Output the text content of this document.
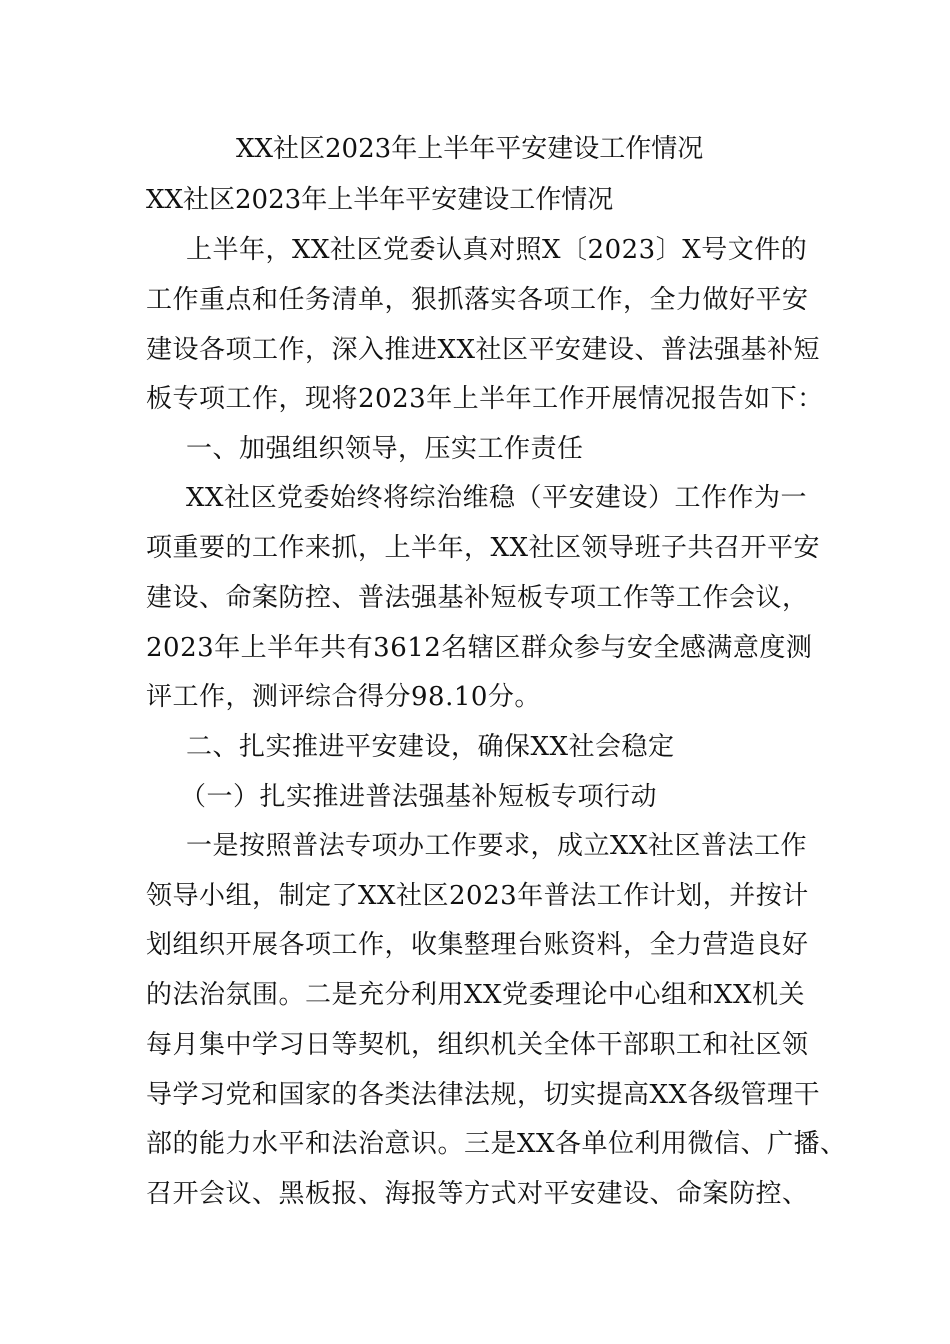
XX社区2023年上半年平安建设工作情况
XX社区2023年上半年平安建设工作情况
上半年，XX社区党委认真对照X〔2023〕X号文件的
工作重点和任务清单，狠抓落实各项工作，全力做好平安
建设各项工作，深入推进XX社区平安建设、普法强基补短
板专项工作，现将2023年上半年工作开展情况报告如下：
一、加强组织领导，压实工作责任
XX社区党委始终将综治维稳（平安建设）工作作为一
项重要的工作来抓，上半年，XX社区领导班子共召开平安
建设、命案防控、普法强基补短板专项工作等工作会议，
2023年上半年共有3612名辖区群众参与安全感满意度测
评工作，测评综合得分98.10分。
二、扎实推进平安建设，确保XX社会稳定
（一）扎实推进普法强基补短板专项行动
一是按照普法专项办工作要求，成立XX社区普法工作
领导小组，制定了XX社区2023年普法工作计划，并按计
划组织开展各项工作，收集整理台账资料，全力营造良好
的法治氛围。二是充分利用XX党委理论中心组和XX机关
每月集中学习日等契机，组织机关全体干部职工和社区领
导学习党和国家的各类法律法规，切实提高XX各级管理干
部的能力水平和法治意识。三是XX各单位利用微信、广播、
召开会议、黑板报、海报等方式对平安建设、命案防控、
